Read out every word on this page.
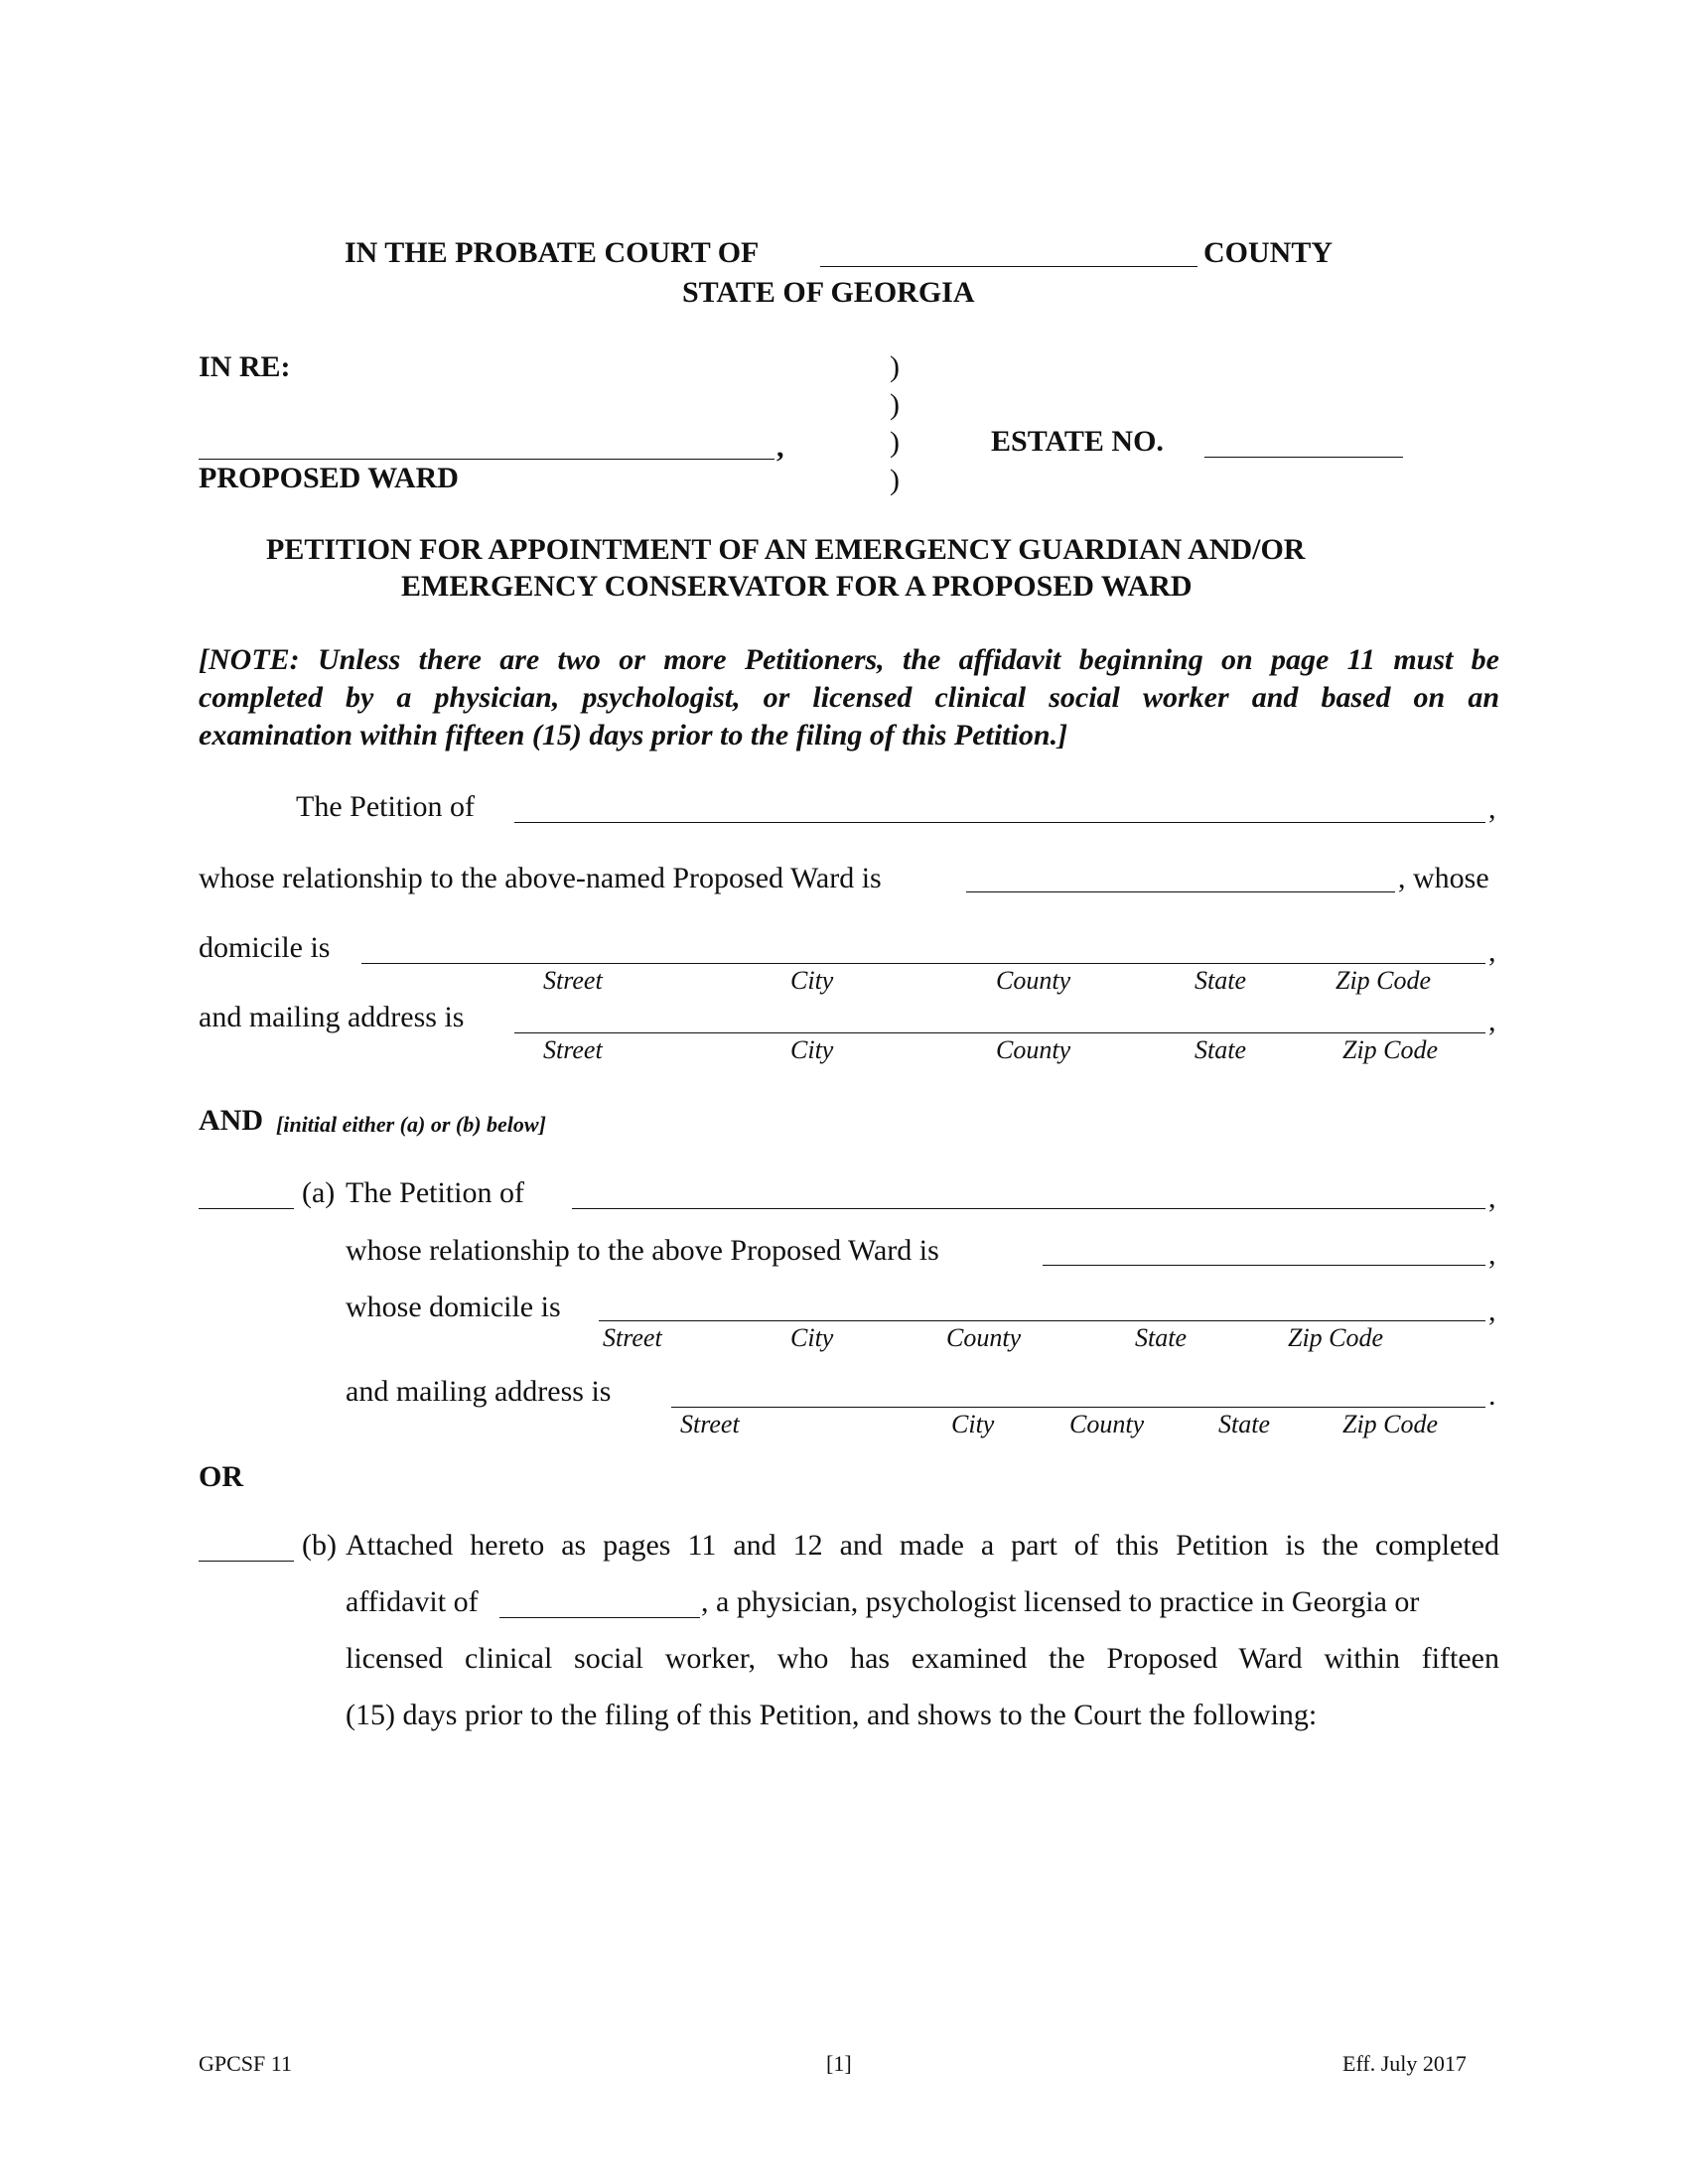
IN THE PROBATE COURT OF	COUNTY
STATE OF GEORGIA
IN RE:
,
PROPOSED WARD
)
)
)
)
ESTATE NO.
PETITION FOR APPOINTMENT OF AN EMERGENCY GUARDIAN AND/OR
EMERGENCY CONSERVATOR FOR A PROPOSED WARD
[NOTE: Unless there are two or more Petitioners, the affidavit beginning on page 11 must be
completed by a physician, psychologist, or licensed clinical social worker and based on an
examination within fifteen (15) days prior to the filing of this Petition.]
The Petition of	,
whose relationship to the above-named Proposed Ward is	, whose
domicile is	,
Street	City	County	State	Zip Code
and mailing address is	,
Street	City	County	State	Zip Code
AND [initial either (a) or (b) below]
(a) The Petition of	,
whose relationship to the above Proposed Ward is	,
whose domicile is	,
Street	City	County	State	Zip Code
and mailing address is	.
Street	City	County	State	Zip Code
OR
(b) Attached hereto as pages 11 and 12 and made a part of this Petition is the completed
affidavit of	, a physician, psychologist licensed to practice in Georgia or
licensed clinical social worker, who has examined the Proposed Ward within fifteen
(15) days prior to the filing of this Petition, and shows to the Court the following:
GPCSF 11	[1]	Eff. July 2017
